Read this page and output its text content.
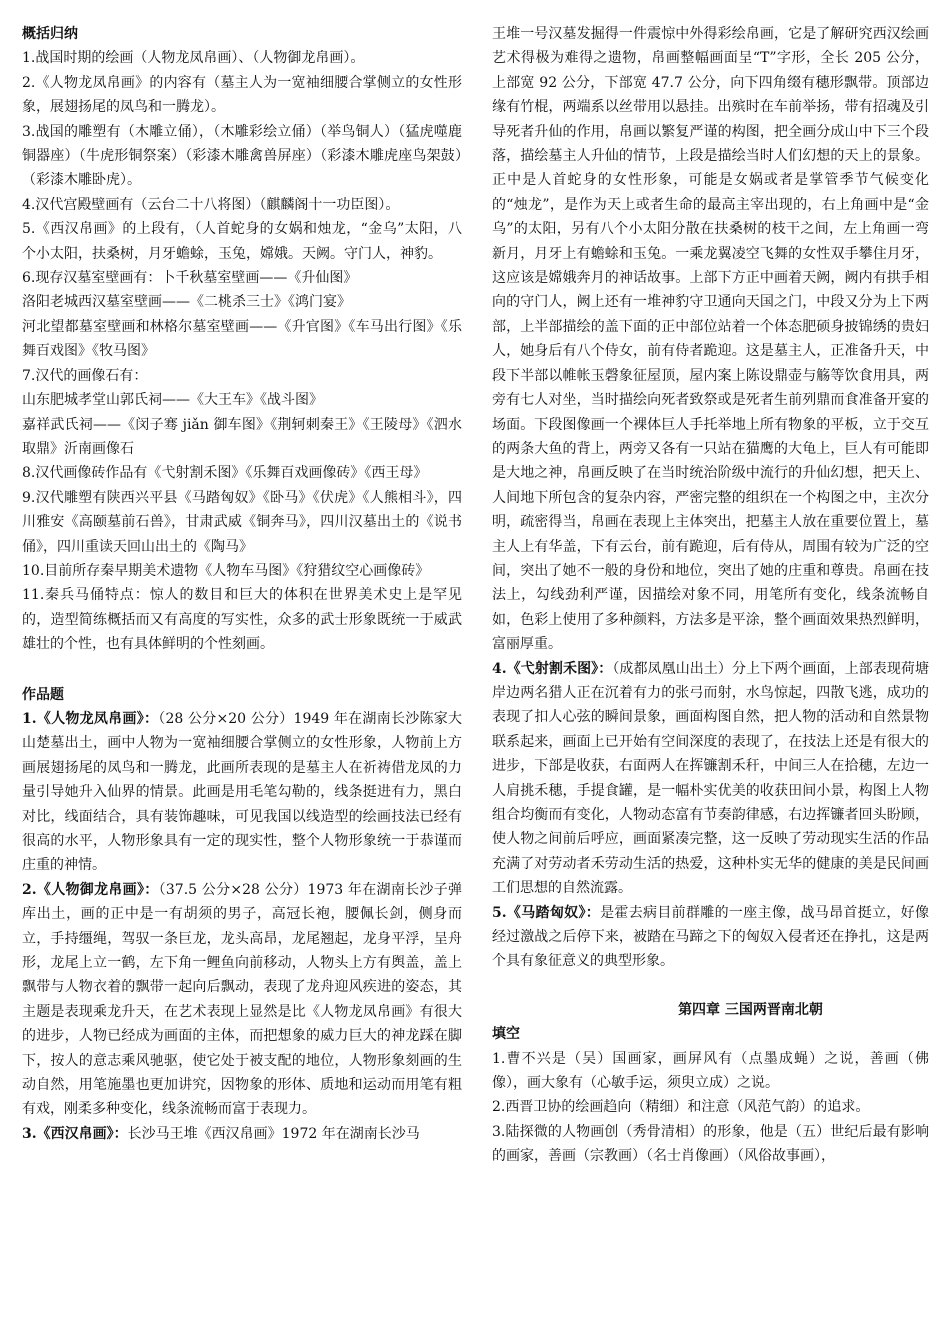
概括归纳

1.战国时期的绘画（人物龙凤帛画）、（人物御龙帛画）。

2.《人物龙凤帛画》的内容有（墓主人为一宽袖细腰合掌侧立的女性形象，展翅扬尾的凤鸟和一腾龙）。

3.战国的雕塑有（木雕立俑），（木雕彩绘立俑）（举鸟铜人）（猛虎噬鹿铜器座）（牛虎形铜祭案）（彩漆木雕禽兽屏座）（彩漆木雕虎座鸟架鼓）（彩漆木雕卧虎）。

4.汉代宫殿壁画有（云台二十八将图）（麒麟阁十一功臣图）。

5.《西汉帛画》的上段有，（人首蛇身的女娲和烛龙，“金乌”太阳，八个小太阳，扶桑树，月牙蟾蜍，玉兔，嫦娥。天阙。守门人，神豹。

6.现存汉墓室壁画有：卜千秋墓室壁画——《升仙图》

洛阳老城西汉墓室壁画——《二桃杀三士》《鸿门宴》

河北望都墓室壁画和林格尔墓室壁画——《升官图》《车马出行图》《乐舞百戏图》《牧马图》

7.汉代的画像石有：

山东肥城孝堂山郭氏祠——《大王车》《战斗图》

嘉祥武氏祠——《闵子骞 jiǎn 御车图》《荆轲刺秦王》《王陵母》《泗水取鼎》沂南画像石

8.汉代画像砖作品有《弋射割禾图》《乐舞百戏画像砖》《西王母》

9.汉代雕塑有陕西兴平县《马踏匈奴》《卧马》《伏虎》《人熊相斗》，四川雅安《高颐墓前石兽》，甘肃武威《铜奔马》，四川汉墓出土的《说书俑》，四川重读天回山出土的《陶马》

10.目前所存秦早期美术遗物《人物车马图》《狩猎纹空心画像砖》

11.秦兵马俑特点：惊人的数目和巨大的体积在世界美术史上是罕见的，造型简练概括而又有高度的写实性，众多的武士形象既统一于威武雄壮的个性，也有具体鲜明的个性刻画。

作品题

1.《人物龙凤帛画》：（28 公分×20 公分）1949 年在湖南长沙陈家大山楚墓出土，画中人物为一宽袖细腰合掌侧立的女性形象，人物前上方画展翅扬尾的凤鸟和一腾龙，此画所表现的是墓主人在祈祷借龙凤的力量引导她升入仙界的情景。此画是用毛笔勾勒的，线条挺进有力，黑白对比，线面结合，具有装饰趣味，可见我国以线造型的绘画技法已经有很高的水平，人物形象具有一定的现实性，整个人物形象统一于恭谨而庄重的神情。

2.《人物御龙帛画》：（37.5 公分×28 公分）1973 年在湖南长沙子弹库出土，画的正中是一有胡须的男子，高冠长袍，腰佩长剑，侧身而立，手持缰绳，驾驭一条巨龙，龙头高昂，龙尾翘起，龙身平浮，呈舟形，龙尾上立一鹤，左下角一鲤鱼向前移动，人物头上方有舆盖，盖上飘带与人物衣着的飘带一起向后飘动，表现了龙舟迎风疾进的姿态，其主题是表现乘龙升天，在艺术表现上显然是比《人物龙凤帛画》有很大的进步，人物已经成为画面的主体，而把想象的威力巨大的神龙踩在脚下，按人的意志乘风驰驱，使它处于被支配的地位，人物形象刻画的生动自然，用笔施墨也更加讲究，因物象的形体、质地和运动而用笔有粗有戏，刚柔多种变化，线条流畅而富于表现力。

3.《西汉帛画》：长沙马王堆《西汉帛画》1972 年在湖南长沙马

王堆一号汉墓发掘得一件震惊中外得彩绘帛画，它是了解研究西汉绘画艺术得极为难得之遗物，帛画整幅画面呈“T”字形，全长 205 公分，上部宽 92 公分，下部宽 47.7 公分，向下四角缀有穗形飘带。顶部边缘有竹棍，两端系以丝带用以悬挂。出殡时在车前举扬，带有招魂及引导死者升仙的作用，帛画以繁复严谨的构图，把全画分成山中下三个段落，描绘墓主人升仙的情节，上段是描绘当时人们幻想的天上的景象。正中是人首蛇身的女性形象，可能是女娲或者是掌管季节气候变化的“烛龙”，是作为天上或者生命的最高主宰出现的，右上角画中是“金乌”的太阳，另有八个小太阳分散在扶桑树的枝干之间，左上角画一弯新月，月牙上有蟾蜍和玉兔。一乘龙翼凌空飞舞的女性双手攀住月牙，这应该是嫦娥奔月的神话故事。上部下方正中画着天阙，阙内有拱手相向的守门人，阙上还有一堆神豹守卫通向天国之门，中段又分为上下两部，上半部描绘的盖下面的正中部位站着一个体态肥硕身披锦绣的贵妇人，她身后有八个侍女，前有侍者跪迎。这是墓主人，正准备升天，中段下半部以帷帐玉磬象征屋顶，屋内案上陈设鼎壶与觞等饮食用具，两旁有七人对坐，当时描绘向死者致祭或是死者生前列鼎而食准备开宴的场面。下段图像画一个裸体巨人手托举地上所有物象的平板，立于交互的两条大鱼的背上，两旁又各有一只站在猫鹰的大龟上，巨人有可能即是大地之神，帛画反映了在当时统治阶级中流行的升仙幻想，把天上、人间地下所包含的复杂内容，严密完整的组织在一个构图之中，主次分明，疏密得当，帛画在表现上主体突出，把墓主人放在重要位置上，墓主人上有华盖，下有云台，前有跪迎，后有侍从，周围有较为广泛的空间，突出了她不一般的身份和地位，突出了她的庄重和尊贵。帛画在技法上，勾线劲利严谨，因描绘对象不同，用笔所有变化，线条流畅自如，色彩上使用了多种颜料，方法多是平涂，整个画面效果热烈鲜明，富丽厚重。

4.《弋射割禾图》：（成都凤凰山出土）分上下两个画面，上部表现荷塘岸边两名猎人正在沉着有力的张弓而射，水鸟惊起，四散飞逃，成功的表现了扣人心弦的瞬间景象，画面构图自然，把人物的活动和自然景物联系起来，画面上已开始有空间深度的表现了，在技法上还是有很大的进步，下部是收获，右面两人在挥镰割禾秆，中间三人在拾穗，左边一人肩挑禾穗，手提食罐，是一幅朴实优美的收获田间小景，构图上人物组合均衡而有变化，人物动态富有节奏韵律感，右边挥镰者回头盼顾，使人物之间前后呼应，画面紧凑完整，这一反映了劳动现实生活的作品充满了对劳动者禾劳动生活的热爱，这种朴实无华的健康的美是民间画工们思想的自然流露。

5.《马踏匈奴》：是霍去病目前群雕的一座主像，战马昂首挺立，好像经过激战之后停下来，被踏在马蹄之下的匈奴入侵者还在挣扎，这是两个具有象征意义的典型形象。

第四章 三国两晋南北朝

填空

1.曹不兴是（吴）国画家，画屏风有（点墨成蝇）之说，善画（佛像），画大象有（心敏手运，须臾立成）之说。

2.西晋卫协的绘画趋向（精细）和注意（风范气韵）的追求。

3.陆探微的人物画创（秀骨清相）的形象，他是（五）世纪后最有影响的画家，善画（宗教画）（名士肖像画）（风俗故事画），
